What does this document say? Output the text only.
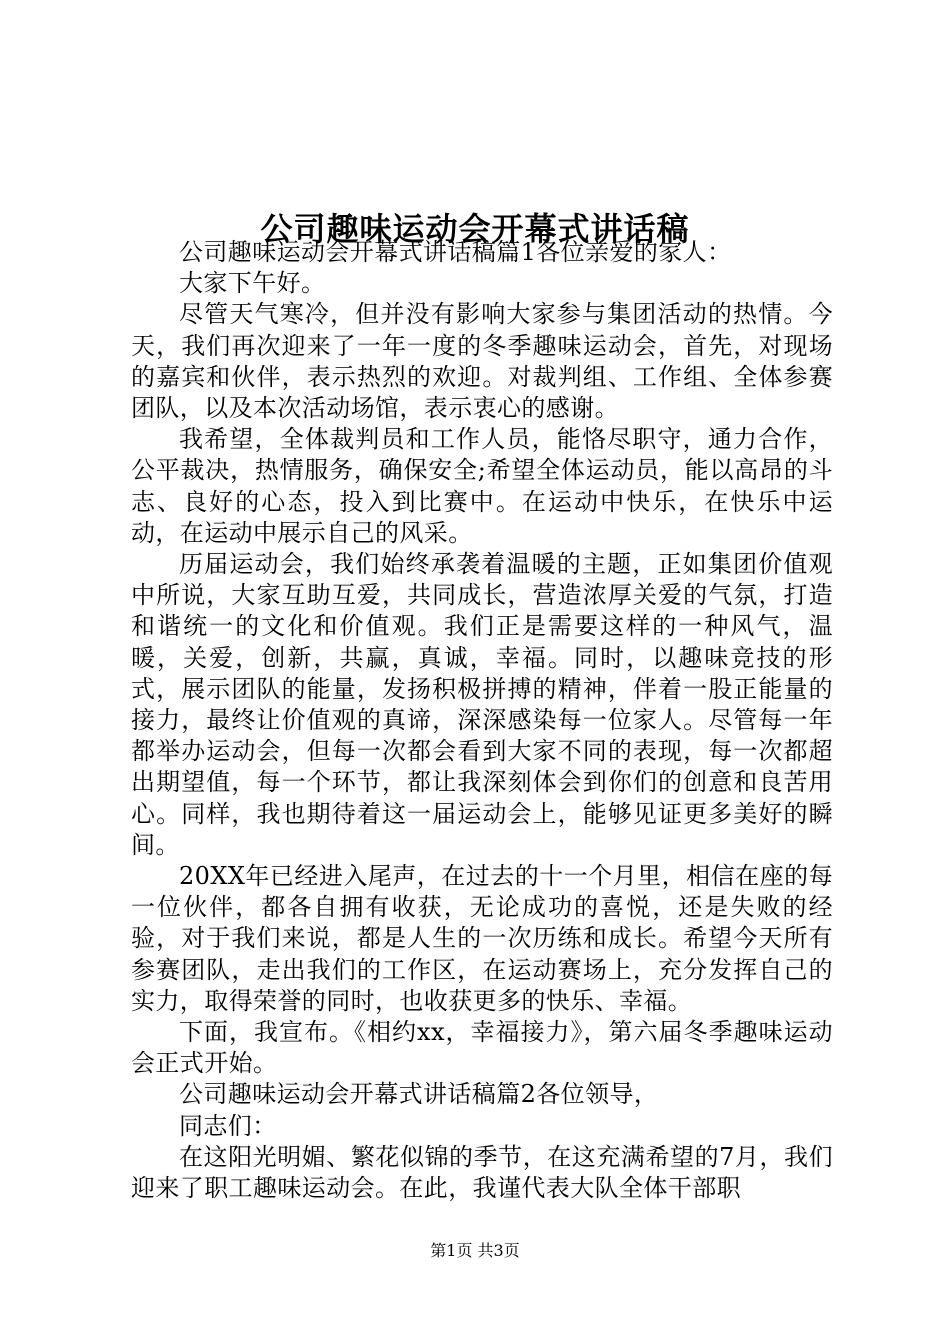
公司趣味运动会开幕式讲话稿

公司趣味运动会开幕式讲话稿篇1各位亲爱的家人：

大家下午好。

尽管天气寒冷，但并没有影响大家参与集团活动的热情。今天，我们再次迎来了一年一度的冬季趣味运动会，首先，对现场的嘉宾和伙伴，表示热烈的欢迎。对裁判组、工作组、全体参赛团队，以及本次活动场馆，表示衷心的感谢。

我希望，全体裁判员和工作人员，能恪尽职守，通力合作，公平裁决，热情服务，确保安全;希望全体运动员，能以高昂的斗志、良好的心态，投入到比赛中。在运动中快乐，在快乐中运动，在运动中展示自己的风采。

历届运动会，我们始终承袭着温暖的主题，正如集团价值观中所说，大家互助互爱，共同成长，营造浓厚关爱的气氛，打造和谐统一的文化和价值观。我们正是需要这样的一种风气，温暖，关爱，创新，共赢，真诚，幸福。同时，以趣味竞技的形式，展示团队的能量，发扬积极拼搏的精神，伴着一股正能量的接力，最终让价值观的真谛，深深感染每一位家人。尽管每一年都举办运动会，但每一次都会看到大家不同的表现，每一次都超出期望值，每一个环节，都让我深刻体会到你们的创意和良苦用心。同样，我也期待着这一届运动会上，能够见证更多美好的瞬间。

20XX年已经进入尾声，在过去的十一个月里，相信在座的每一位伙伴，都各自拥有收获，无论成功的喜悦，还是失败的经验，对于我们来说，都是人生的一次历练和成长。希望今天所有参赛团队，走出我们的工作区，在运动赛场上，充分发挥自己的实力，取得荣誉的同时，也收获更多的快乐、幸福。

下面，我宣布。《相约xx，幸福接力》，第六届冬季趣味运动会正式开始。

公司趣味运动会开幕式讲话稿篇2各位领导，

同志们：

在这阳光明媚、繁花似锦的季节，在这充满希望的7月，我们迎来了职工趣味运动会。在此，我谨代表大队全体干部职

第1页 共3页
